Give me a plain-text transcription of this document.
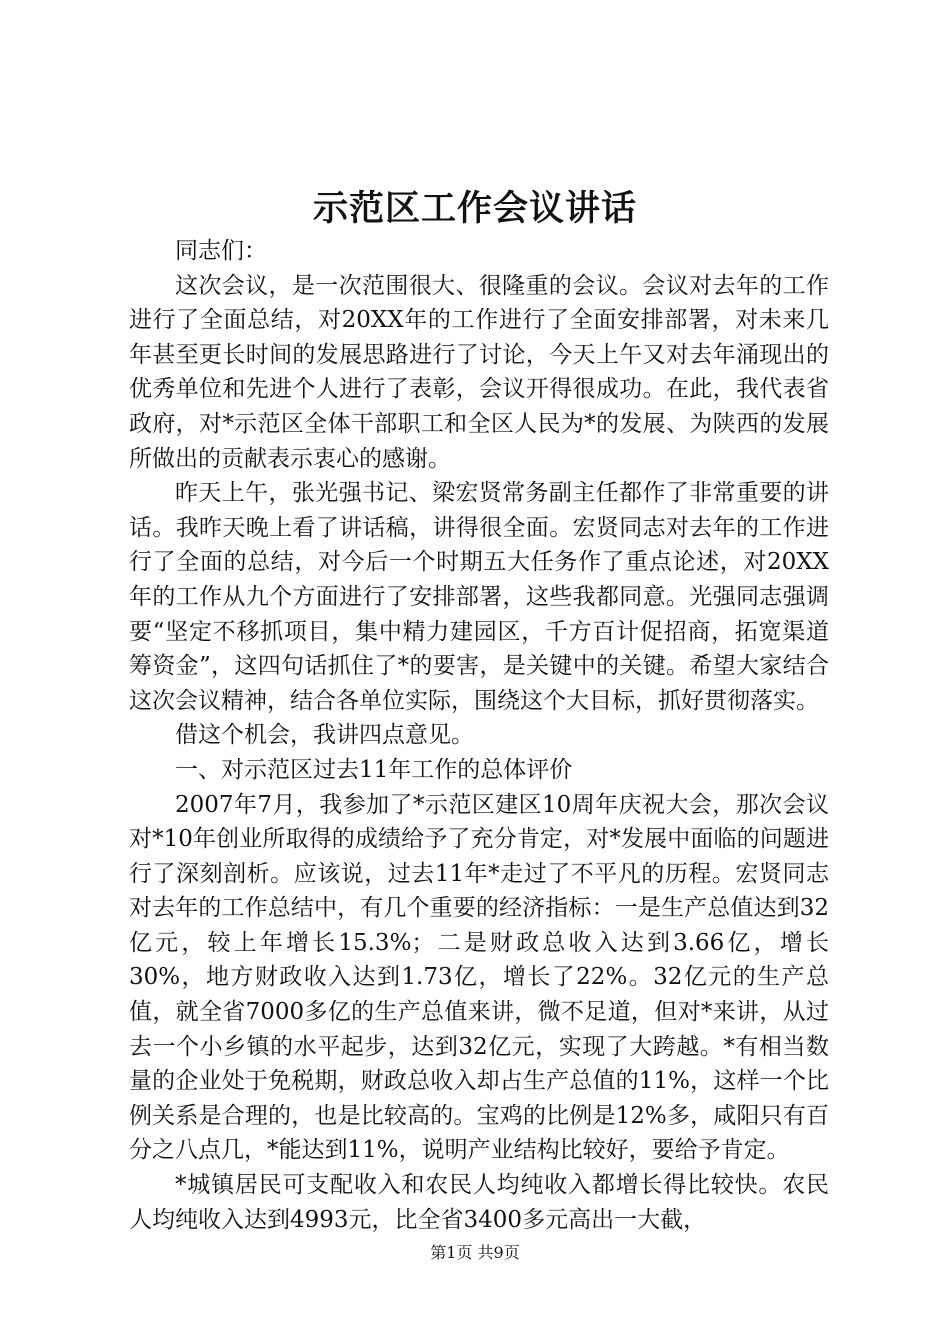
示范区工作会议讲话

同志们：

这次会议，是一次范围很大、很隆重的会议。会议对去年的工作进行了全面总结，对20XX年的工作进行了全面安排部署，对未来几年甚至更长时间的发展思路进行了讨论，今天上午又对去年涌现出的优秀单位和先进个人进行了表彰，会议开得很成功。在此，我代表省政府，对*示范区全体干部职工和全区人民为*的发展、为陕西的发展所做出的贡献表示衷心的感谢。

昨天上午，张光强书记、梁宏贤常务副主任都作了非常重要的讲话。我昨天晚上看了讲话稿，讲得很全面。宏贤同志对去年的工作进行了全面的总结，对今后一个时期五大任务作了重点论述，对20XX年的工作从九个方面进行了安排部署，这些我都同意。光强同志强调要“坚定不移抓项目，集中精力建园区，千方百计促招商，拓宽渠道筹资金”，这四句话抓住了*的要害，是关键中的关键。希望大家结合这次会议精神，结合各单位实际，围绕这个大目标，抓好贯彻落实。

借这个机会，我讲四点意见。

一、对示范区过去11年工作的总体评价

2007年7月，我参加了*示范区建区10周年庆祝大会，那次会议对*10年创业所取得的成绩给予了充分肯定，对*发展中面临的问题进行了深刻剖析。应该说，过去11年*走过了不平凡的历程。宏贤同志对去年的工作总结中，有几个重要的经济指标：一是生产总值达到32亿元，较上年增长15.3%；二是财政总收入达到3.66亿，增长30%，地方财政收入达到1.73亿，增长了22%。32亿元的生产总值，就全省7000多亿的生产总值来讲，微不足道，但对*来讲，从过去一个小乡镇的水平起步，达到32亿元，实现了大跨越。*有相当数量的企业处于免税期，财政总收入却占生产总值的11%，这样一个比例关系是合理的，也是比较高的。宝鸡的比例是12%多，咸阳只有百分之八点几，*能达到11%，说明产业结构比较好，要给予肯定。

*城镇居民可支配收入和农民人均纯收入都增长得比较快。农民人均纯收入达到4993元，比全省3400多元高出一大截，

第1页 共9页
